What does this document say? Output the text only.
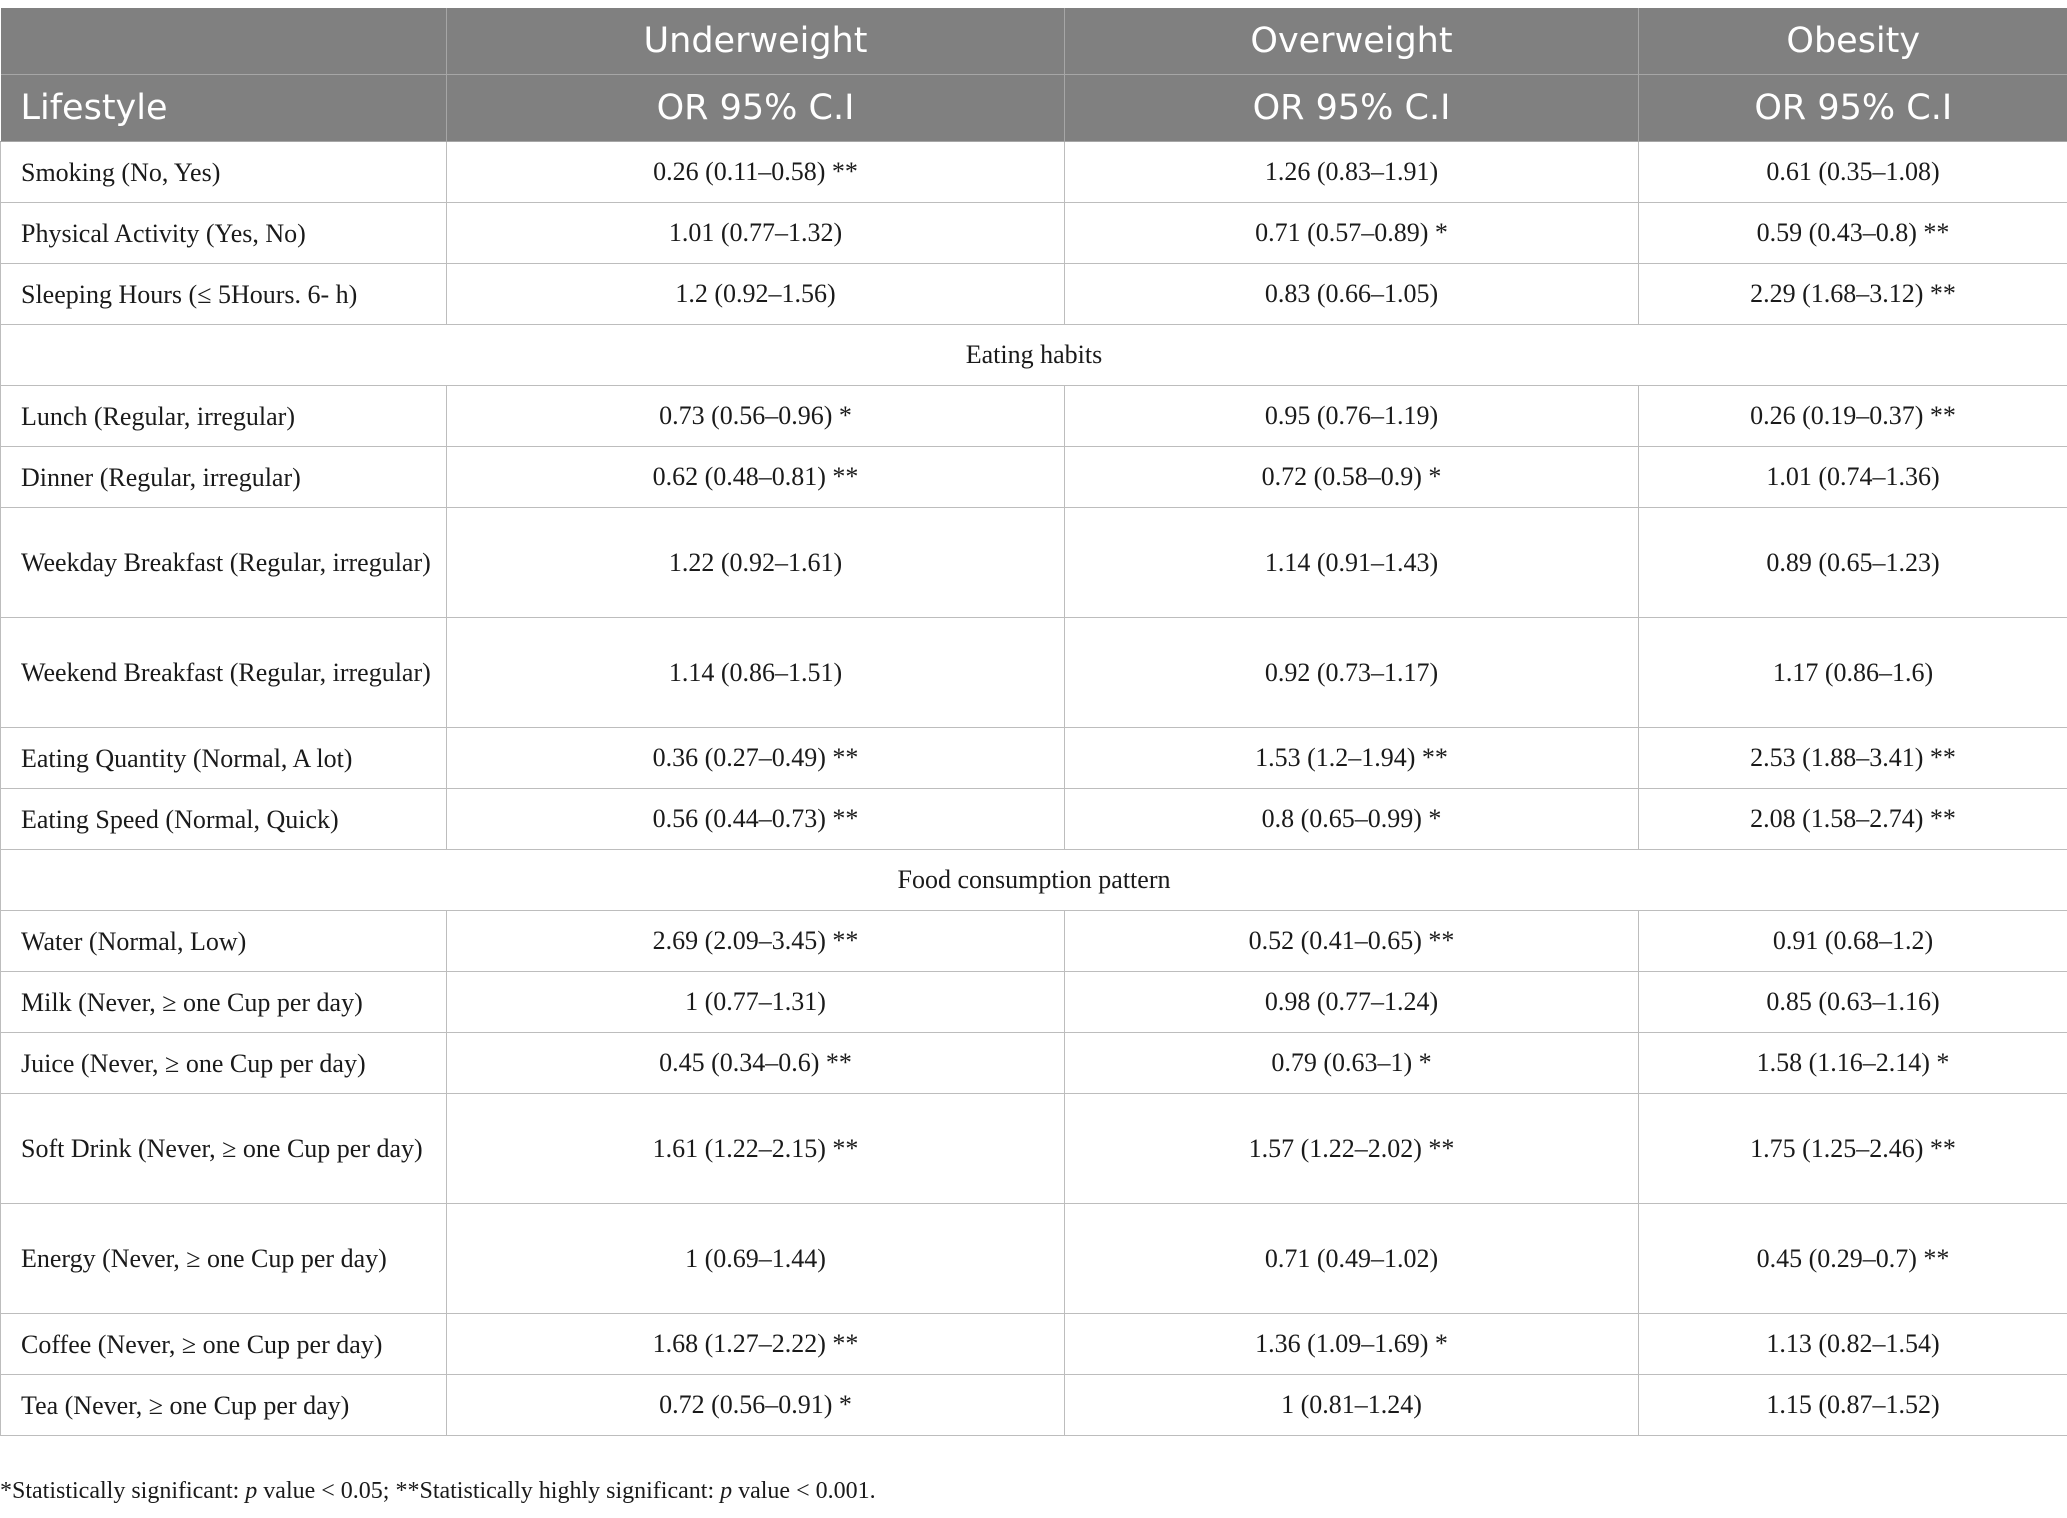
	Underweight	Overweight	Obesity
Lifestyle	OR 95% C.I	OR 95% C.I	OR 95% C.I
Smoking (No, Yes)	0.26 (0.11–0.58) **	1.26 (0.83–1.91)	0.61 (0.35–1.08)
Physical Activity (Yes, No)	1.01 (0.77–1.32)	0.71 (0.57–0.89) *	0.59 (0.43–0.8) **
Sleeping Hours (≤ 5Hours. 6- h)	1.2 (0.92–1.56)	0.83 (0.66–1.05)	2.29 (1.68–3.12) **
Eating habits			
Lunch (Regular, irregular)	0.73 (0.56–0.96) *	0.95 (0.76–1.19)	0.26 (0.19–0.37) **
Dinner (Regular, irregular)	0.62 (0.48–0.81) **	0.72 (0.58–0.9) *	1.01 (0.74–1.36)
Weekday Breakfast (Regular, irregular)	1.22 (0.92–1.61)	1.14 (0.91–1.43)	0.89 (0.65–1.23)
Weekend Breakfast (Regular, irregular)	1.14 (0.86–1.51)	0.92 (0.73–1.17)	1.17 (0.86–1.6)
Eating Quantity (Normal, A lot)	0.36 (0.27–0.49) **	1.53 (1.2–1.94) **	2.53 (1.88–3.41) **
Eating Speed (Normal, Quick)	0.56 (0.44–0.73) **	0.8 (0.65–0.99) *	2.08 (1.58–2.74) **
Food consumption pattern			
Water (Normal, Low)	2.69 (2.09–3.45) **	0.52 (0.41–0.65) **	0.91 (0.68–1.2)
Milk (Never, ≥ one Cup per day)	1 (0.77–1.31)	0.98 (0.77–1.24)	0.85 (0.63–1.16)
Juice (Never, ≥ one Cup per day)	0.45 (0.34–0.6) **	0.79 (0.63–1) *	1.58 (1.16–2.14) *
Soft Drink (Never, ≥ one Cup per day)	1.61 (1.22–2.15) **	1.57 (1.22–2.02) **	1.75 (1.25–2.46) **
Energy (Never, ≥ one Cup per day)	1 (0.69–1.44)	0.71 (0.49–1.02)	0.45 (0.29–0.7) **
Coffee (Never, ≥ one Cup per day)	1.68 (1.27–2.22) **	1.36 (1.09–1.69) *	1.13 (0.82–1.54)
Tea (Never, ≥ one Cup per day)	0.72 (0.56–0.91) *	1 (0.81–1.24)	1.15 (0.87–1.52)
*Statistically significant: p value < 0.05; **Statistically highly significant: p value < 0.001.
